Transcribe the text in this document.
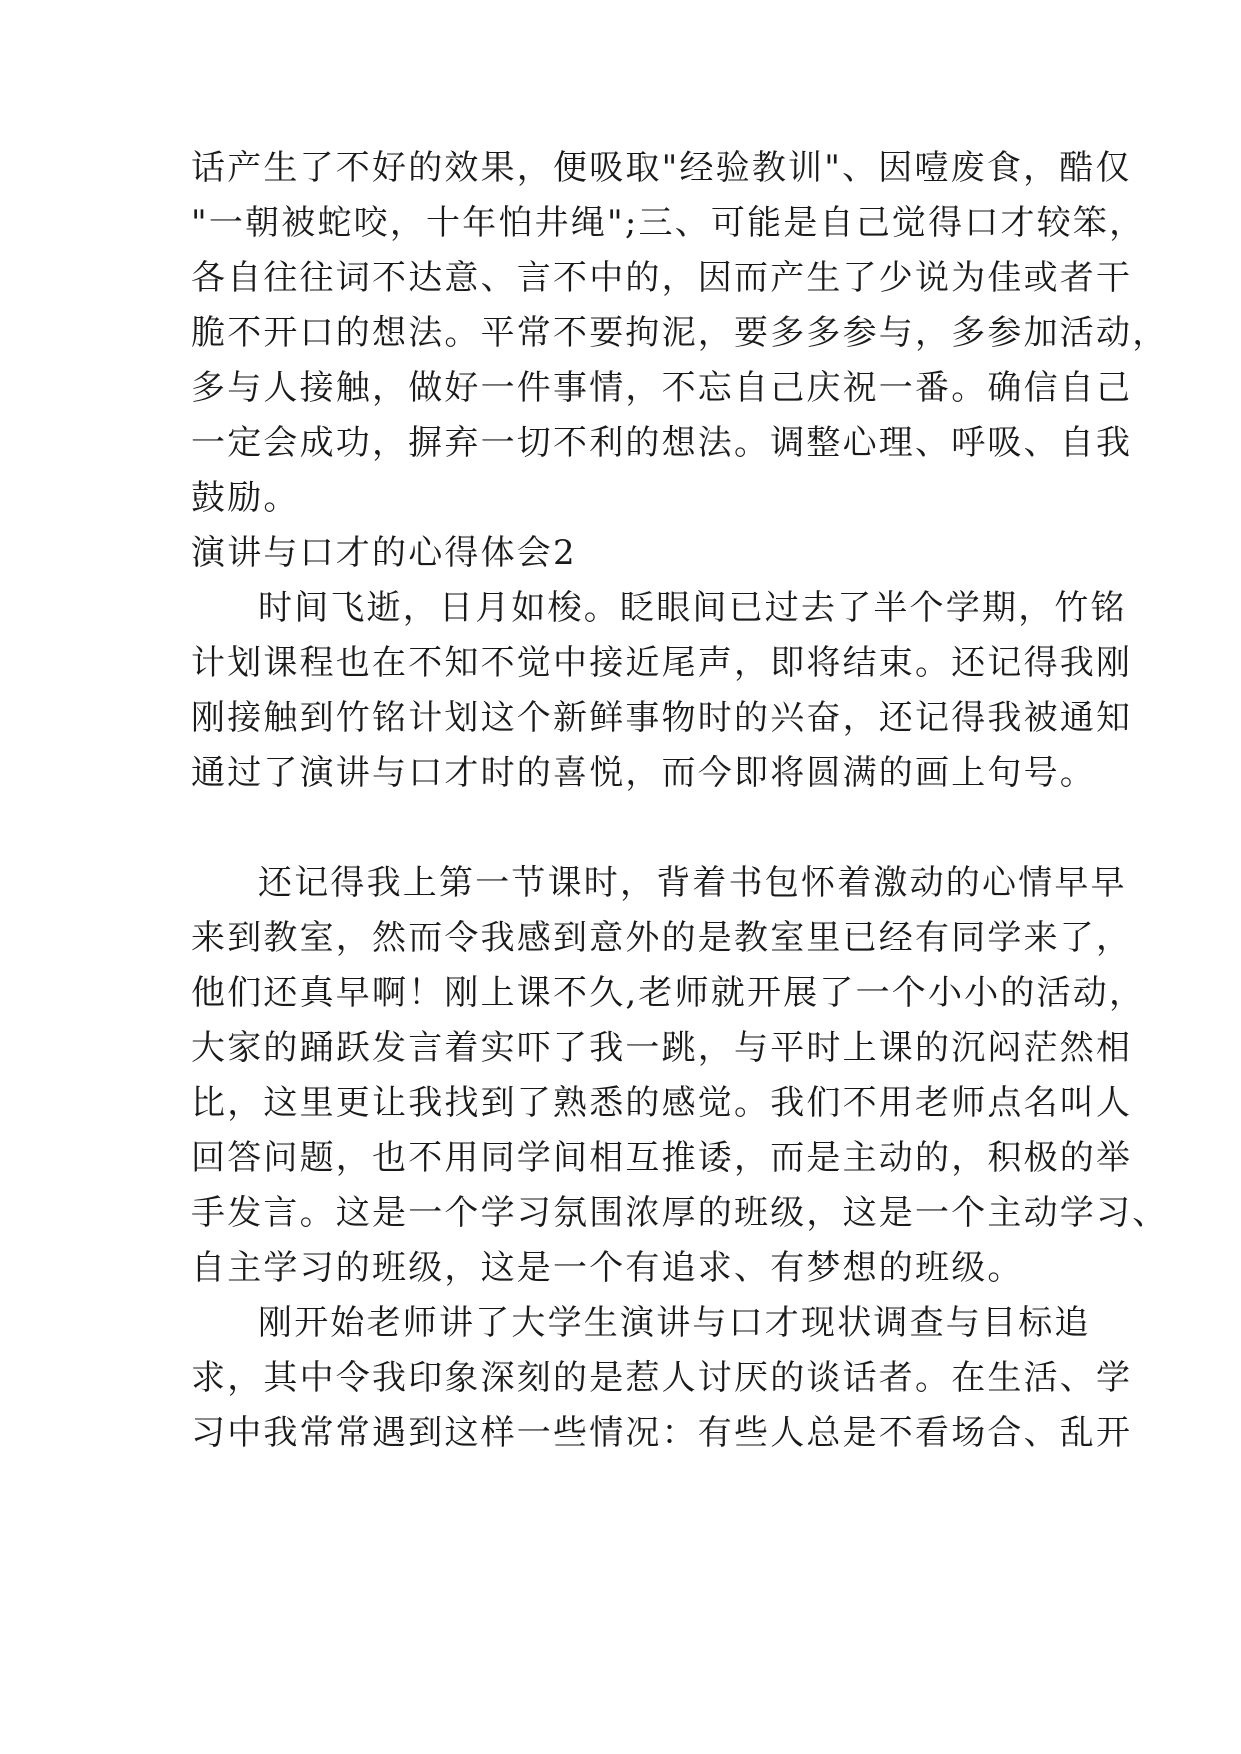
话产生了不好的效果，便吸取"经验教训"、因噎废食，酷仅
"一朝被蛇咬，十年怕井绳";三、可能是自己觉得口才较笨，
各自往往词不达意、言不中的，因而产生了少说为佳或者干
脆不开口的想法。平常不要拘泥，要多多参与，多参加活动，
多与人接触，做好一件事情，不忘自己庆祝一番。确信自己
一定会成功，摒弃一切不利的想法。调整心理、呼吸、自我
鼓励。
演讲与口才的心得体会2
时间飞逝，日月如梭。眨眼间已过去了半个学期，竹铭
计划课程也在不知不觉中接近尾声，即将结束。还记得我刚
刚接触到竹铭计划这个新鲜事物时的兴奋，还记得我被通知
通过了演讲与口才时的喜悦，而今即将圆满的画上句号。
还记得我上第一节课时，背着书包怀着激动的心情早早
来到教室，然而令我感到意外的是教室里已经有同学来了，
他们还真早啊！刚上课不久,老师就开展了一个小小的活动，
大家的踊跃发言着实吓了我一跳，与平时上课的沉闷茫然相
比，这里更让我找到了熟悉的感觉。我们不用老师点名叫人
回答问题，也不用同学间相互推诿，而是主动的，积极的举
手发言。这是一个学习氛围浓厚的班级，这是一个主动学习、
自主学习的班级，这是一个有追求、有梦想的班级。
刚开始老师讲了大学生演讲与口才现状调查与目标追
求，其中令我印象深刻的是惹人讨厌的谈话者。在生活、学
习中我常常遇到这样一些情况：有些人总是不看场合、乱开
